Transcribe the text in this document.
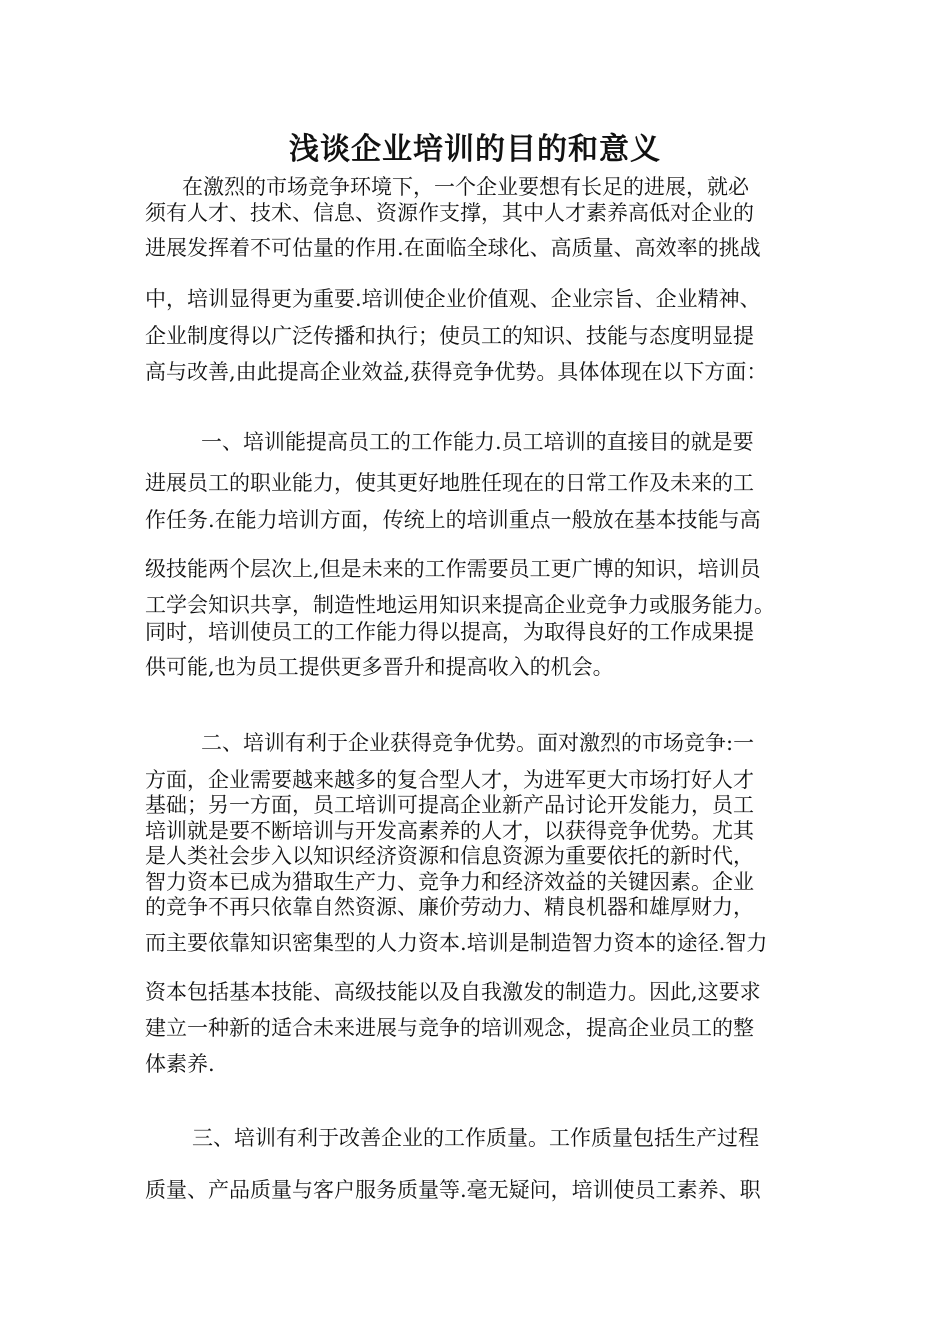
浅谈企业培训的目的和意义
在激烈的市场竞争环境下，一个企业要想有长足的进展，就必
须有人才、技术、信息、资源作支撑，其中人才素养高低对企业的
进展发挥着不可估量的作用.在面临全球化、高质量、高效率的挑战
中，培训显得更为重要.培训使企业价值观、企业宗旨、企业精神、
企业制度得以广泛传播和执行；使员工的知识、技能与态度明显提
高与改善,由此提高企业效益,获得竞争优势。具体体现在以下方面：
一、培训能提高员工的工作能力.员工培训的直接目的就是要
进展员工的职业能力，使其更好地胜任现在的日常工作及未来的工
作任务.在能力培训方面，传统上的培训重点一般放在基本技能与高
级技能两个层次上,但是未来的工作需要员工更广博的知识，培训员
工学会知识共享，制造性地运用知识来提高企业竞争力或服务能力。
同时，培训使员工的工作能力得以提高，为取得良好的工作成果提
供可能,也为员工提供更多晋升和提高收入的机会。
二、培训有利于企业获得竞争优势。面对激烈的市场竞争:一
方面，企业需要越来越多的复合型人才，为进军更大市场打好人才
基础；另一方面，员工培训可提高企业新产品讨论开发能力，员工
培训就是要不断培训与开发高素养的人才，以获得竞争优势。尤其
是人类社会步入以知识经济资源和信息资源为重要依托的新时代，
智力资本已成为猎取生产力、竞争力和经济效益的关键因素。企业
的竞争不再只依靠自然资源、廉价劳动力、精良机器和雄厚财力，
而主要依靠知识密集型的人力资本.培训是制造智力资本的途径.智力
资本包括基本技能、高级技能以及自我激发的制造力。因此,这要求
建立一种新的适合未来进展与竞争的培训观念，提高企业员工的整
体素养.
三、培训有利于改善企业的工作质量。工作质量包括生产过程
质量、产品质量与客户服务质量等.毫无疑问，培训使员工素养、职
